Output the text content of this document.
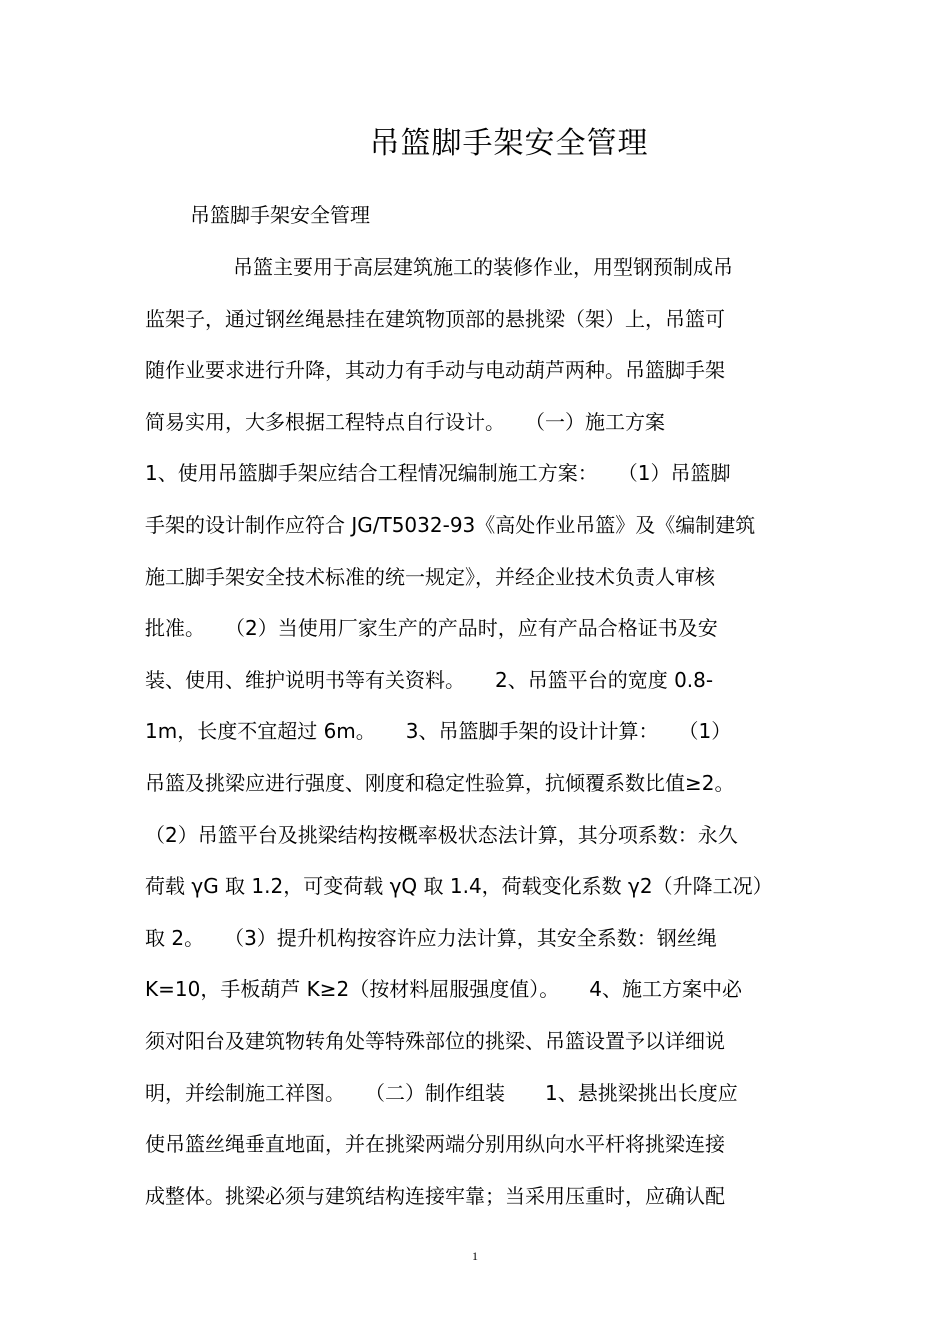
吊篮脚手架安全管理
吊篮脚手架安全管理
吊篮主要用于高层建筑施工的装修作业，用型钢预制成吊
监架子，通过钢丝绳悬挂在建筑物顶部的悬挑梁（架）上，吊篮可
随作业要求进行升降，其动力有手动与电动葫芦两种。吊篮脚手架
简易实用，大多根据工程特点自行设计。　　（一）施工方案
1、使用吊篮脚手架应结合工程情况编制施工方案：　　（1）吊篮脚
手架的设计制作应符合 JG/T5032-93《高处作业吊篮》及《编制建筑
施工脚手架安全技术标准的统一规定》，并经企业技术负责人审核
批准。　　（2）当使用厂家生产的产品时，应有产品合格证书及安
装、使用、维护说明书等有关资料。　　2、吊篮平台的宽度 0.8-
1m，长度不宜超过 6m。　　3、吊篮脚手架的设计计算：　　（1）
吊篮及挑梁应进行强度、刚度和稳定性验算，抗倾覆系数比值≥2。
（2）吊篮平台及挑梁结构按概率极状态法计算，其分项系数：永久
荷载 γG 取 1.2，可变荷载 γQ 取 1.4，荷载变化系数 γ2（升降工况）
取 2。　　（3）提升机构按容许应力法计算，其安全系数：钢丝绳
K=10，手板葫芦 K≥2（按材料屈服强度值）。　　4、施工方案中必
须对阳台及建筑物转角处等特殊部位的挑梁、吊篮设置予以详细说
明，并绘制施工祥图。　　（二）制作组装　　1、悬挑梁挑出长度应
使吊篮丝绳垂直地面，并在挑梁两端分别用纵向水平杆将挑梁连接
成整体。挑梁必须与建筑结构连接牢靠；当采用压重时，应确认配
1
